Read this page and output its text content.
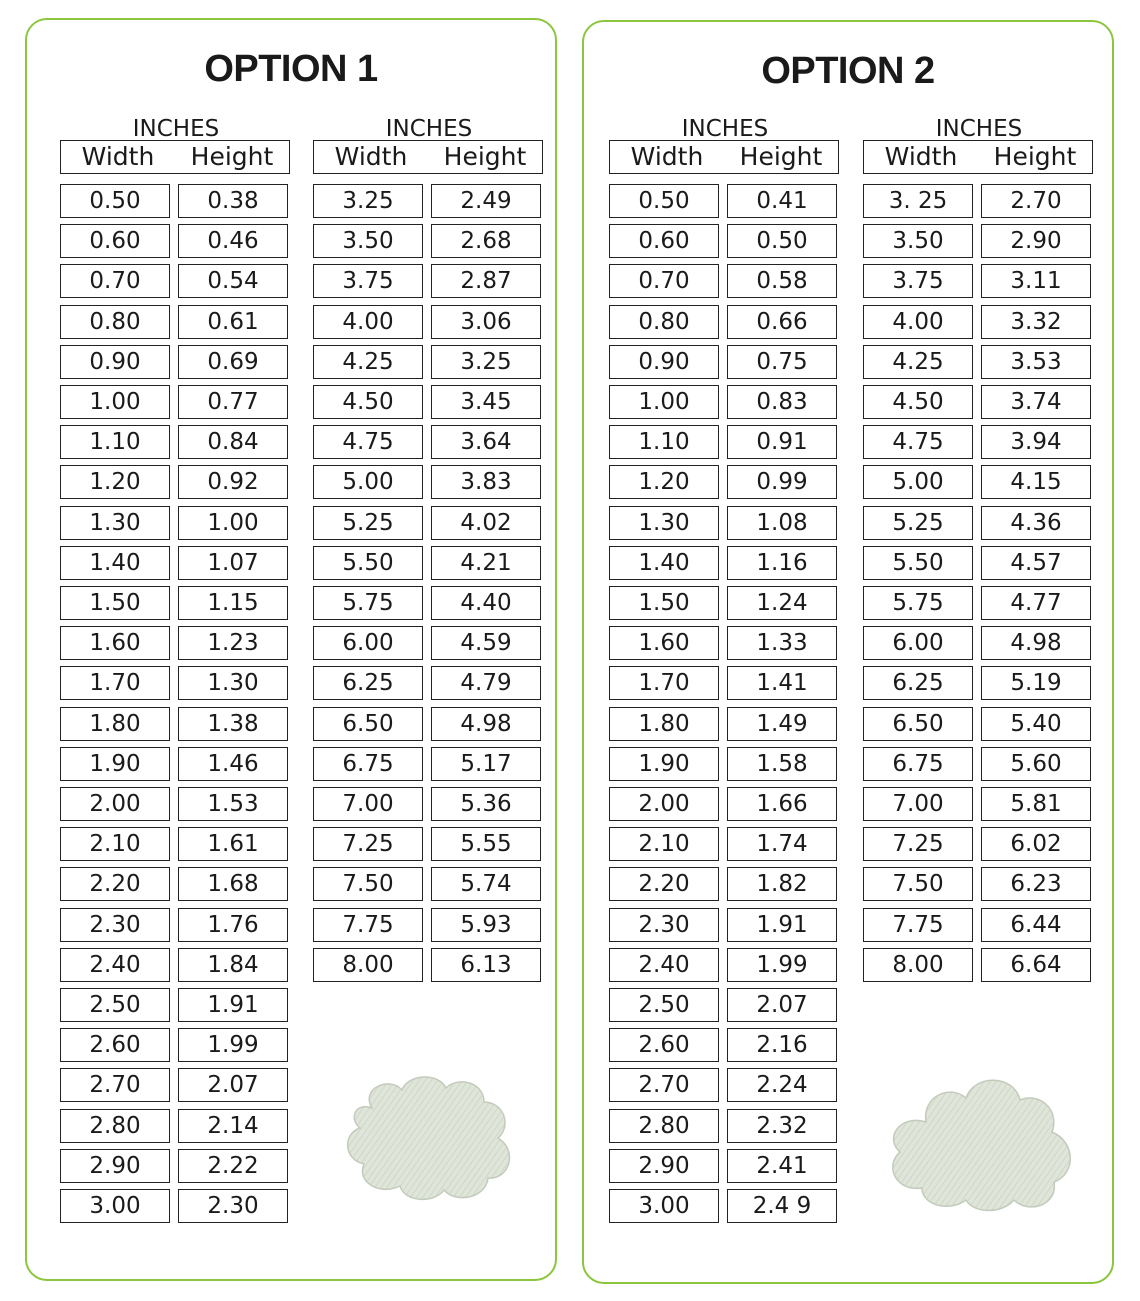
OPTION 1
INCHES
Width	Height
0.50	0.38
0.60	0.46
0.70	0.54
0.80	0.61
0.90	0.69
1.00	0.77
1.10	0.84
1.20	0.92
1.30	1.00
1.40	1.07
1.50	1.15
1.60	1.23
1.70	1.30
1.80	1.38
1.90	1.46
2.00	1.53
2.10	1.61
2.20	1.68
2.30	1.76
2.40	1.84
2.50	1.91
2.60	1.99
2.70	2.07
2.80	2.14
2.90	2.22
3.00	2.30
INCHES
Width	Height
3.25	2.49
3.50	2.68
3.75	2.87
4.00	3.06
4.25	3.25
4.50	3.45
4.75	3.64
5.00	3.83
5.25	4.02
5.50	4.21
5.75	4.40
6.00	4.59
6.25	4.79
6.50	4.98
6.75	5.17
7.00	5.36
7.25	5.55
7.50	5.74
7.75	5.93
8.00	6.13
OPTION 2
INCHES
Width	Height
0.50	0.41
0.60	0.50
0.70	0.58
0.80	0.66
0.90	0.75
1.00	0.83
1.10	0.91
1.20	0.99
1.30	1.08
1.40	1.16
1.50	1.24
1.60	1.33
1.70	1.41
1.80	1.49
1.90	1.58
2.00	1.66
2.10	1.74
2.20	1.82
2.30	1.91
2.40	1.99
2.50	2.07
2.60	2.16
2.70	2.24
2.80	2.32
2.90	2.41
3.00	2.4 9
INCHES
Width	Height
3. 25	2.70
3.50	2.90
3.75	3.11
4.00	3.32
4.25	3.53
4.50	3.74
4.75	3.94
5.00	4.15
5.25	4.36
5.50	4.57
5.75	4.77
6.00	4.98
6.25	5.19
6.50	5.40
6.75	5.60
7.00	5.81
7.25	6.02
7.50	6.23
7.75	6.44
8.00	6.64
